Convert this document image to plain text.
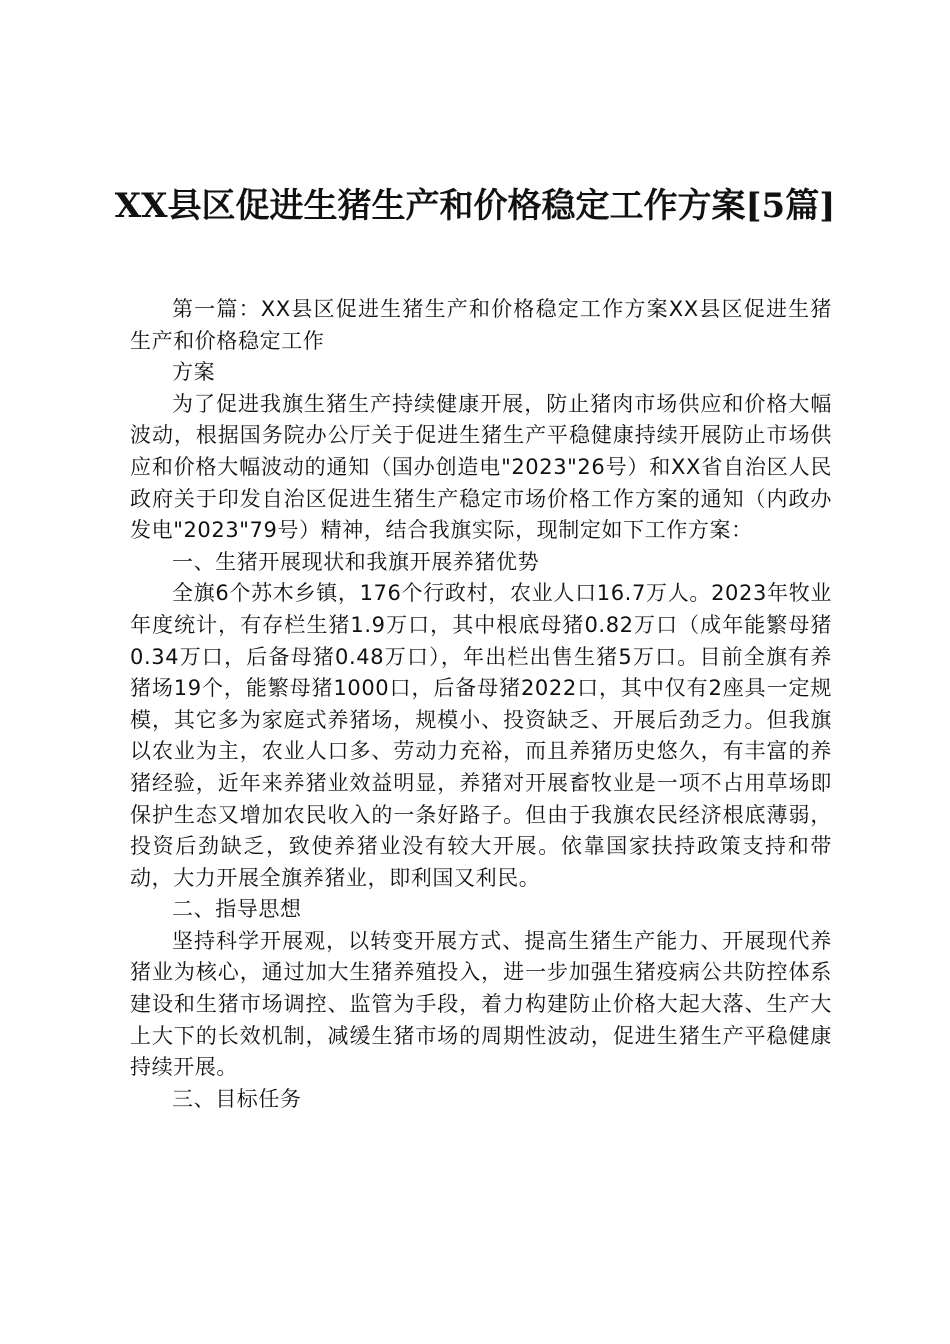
XX县区促进生猪生产和价格稳定工作方案[5篇]

第一篇：XX县区促进生猪生产和价格稳定工作方案XX县区促进生猪生产和价格稳定工作

方案

为了促进我旗生猪生产持续健康开展，防止猪肉市场供应和价格大幅波动，根据国务院办公厅关于促进生猪生产平稳健康持续开展防止市场供应和价格大幅波动的通知（国办创造电"2023"26号）和XX省自治区人民政府关于印发自治区促进生猪生产稳定市场价格工作方案的通知（内政办发电"2023"79号）精神，结合我旗实际，现制定如下工作方案：

一、生猪开展现状和我旗开展养猪优势

全旗6个苏木乡镇，176个行政村，农业人口16.7万人。2023年牧业年度统计，有存栏生猪1.9万口，其中根底母猪0.82万口（成年能繁母猪0.34万口，后备母猪0.48万口），年出栏出售生猪5万口。目前全旗有养猪场19个，能繁母猪1000口，后备母猪2022口，其中仅有2座具一定规模，其它多为家庭式养猪场，规模小、投资缺乏、开展后劲乏力。但我旗以农业为主，农业人口多、劳动力充裕，而且养猪历史悠久，有丰富的养猪经验，近年来养猪业效益明显，养猪对开展畜牧业是一项不占用草场即保护生态又增加农民收入的一条好路子。但由于我旗农民经济根底薄弱，投资后劲缺乏，致使养猪业没有较大开展。依靠国家扶持政策支持和带动，大力开展全旗养猪业，即利国又利民。

二、指导思想

坚持科学开展观，以转变开展方式、提高生猪生产能力、开展现代养猪业为核心，通过加大生猪养殖投入，进一步加强生猪疫病公共防控体系建设和生猪市场调控、监管为手段，着力构建防止价格大起大落、生产大上大下的长效机制，减缓生猪市场的周期性波动，促进生猪生产平稳健康持续开展。

三、目标任务
